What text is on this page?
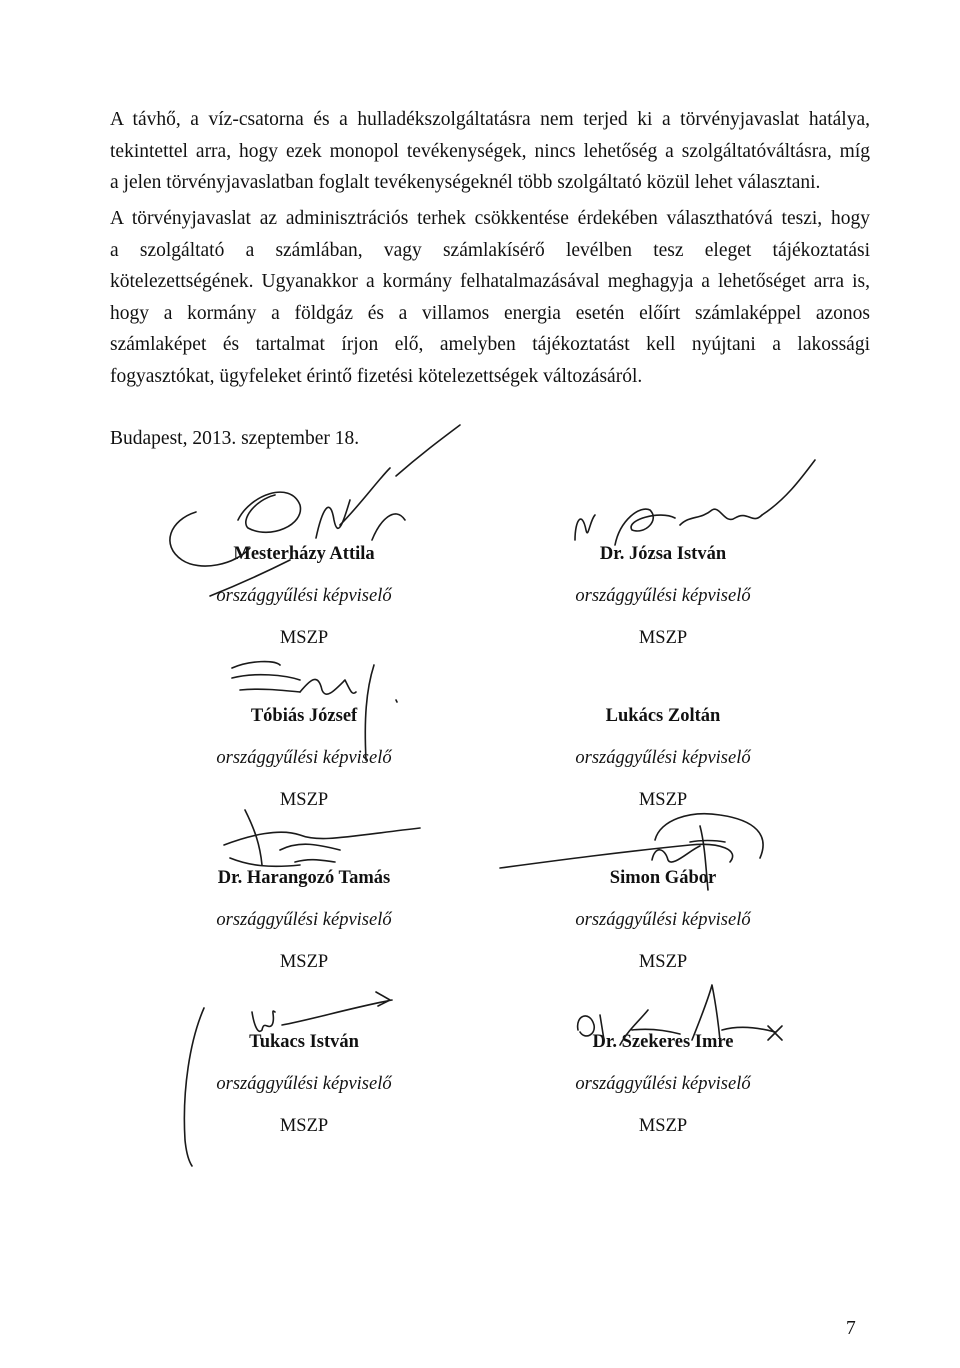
A távhő, a víz-csatorna és a hulladékszolgáltatásra nem terjed ki a törvényjavaslat hatálya,
tekintettel arra, hogy ezek monopol tevékenységek, nincs lehetőség a szolgáltatóváltásra, míg
a jelen törvényjavaslatban foglalt tevékenységeknél több szolgáltató közül lehet választani.
A törvényjavaslat az adminisztrációs terhek csökkentése érdekében választhatóvá teszi, hogy
a szolgáltató a számlában, vagy számlakísérő levélben tesz eleget tájékoztatási
kötelezettségének. Ugyanakkor a kormány felhatalmazásával meghagyja a lehetőséget arra is,
hogy a kormány a földgáz és a villamos energia esetén előírt számlaképpel azonos
számlaképet és tartalmat írjon elő, amelyben tájékoztatást kell nyújtani a lakossági
fogyasztókat, ügyfeleket érintő fizetési kötelezettségek változásáról.
Budapest, 2013. szeptember 18.
Mesterházy Attila
országgyűlési képviselő
MSZP
Dr. Józsa István
országgyűlési képviselő
MSZP
Tóbiás József
országgyűlési képviselő
MSZP
Lukács Zoltán
országgyűlési képviselő
MSZP
Dr. Harangozó Tamás
országgyűlési képviselő
MSZP
Simon Gábor
országgyűlési képviselő
MSZP
Tukacs István
országgyűlési képviselő
MSZP
Dr. Szekeres Imre
országgyűlési képviselő
MSZP
7
